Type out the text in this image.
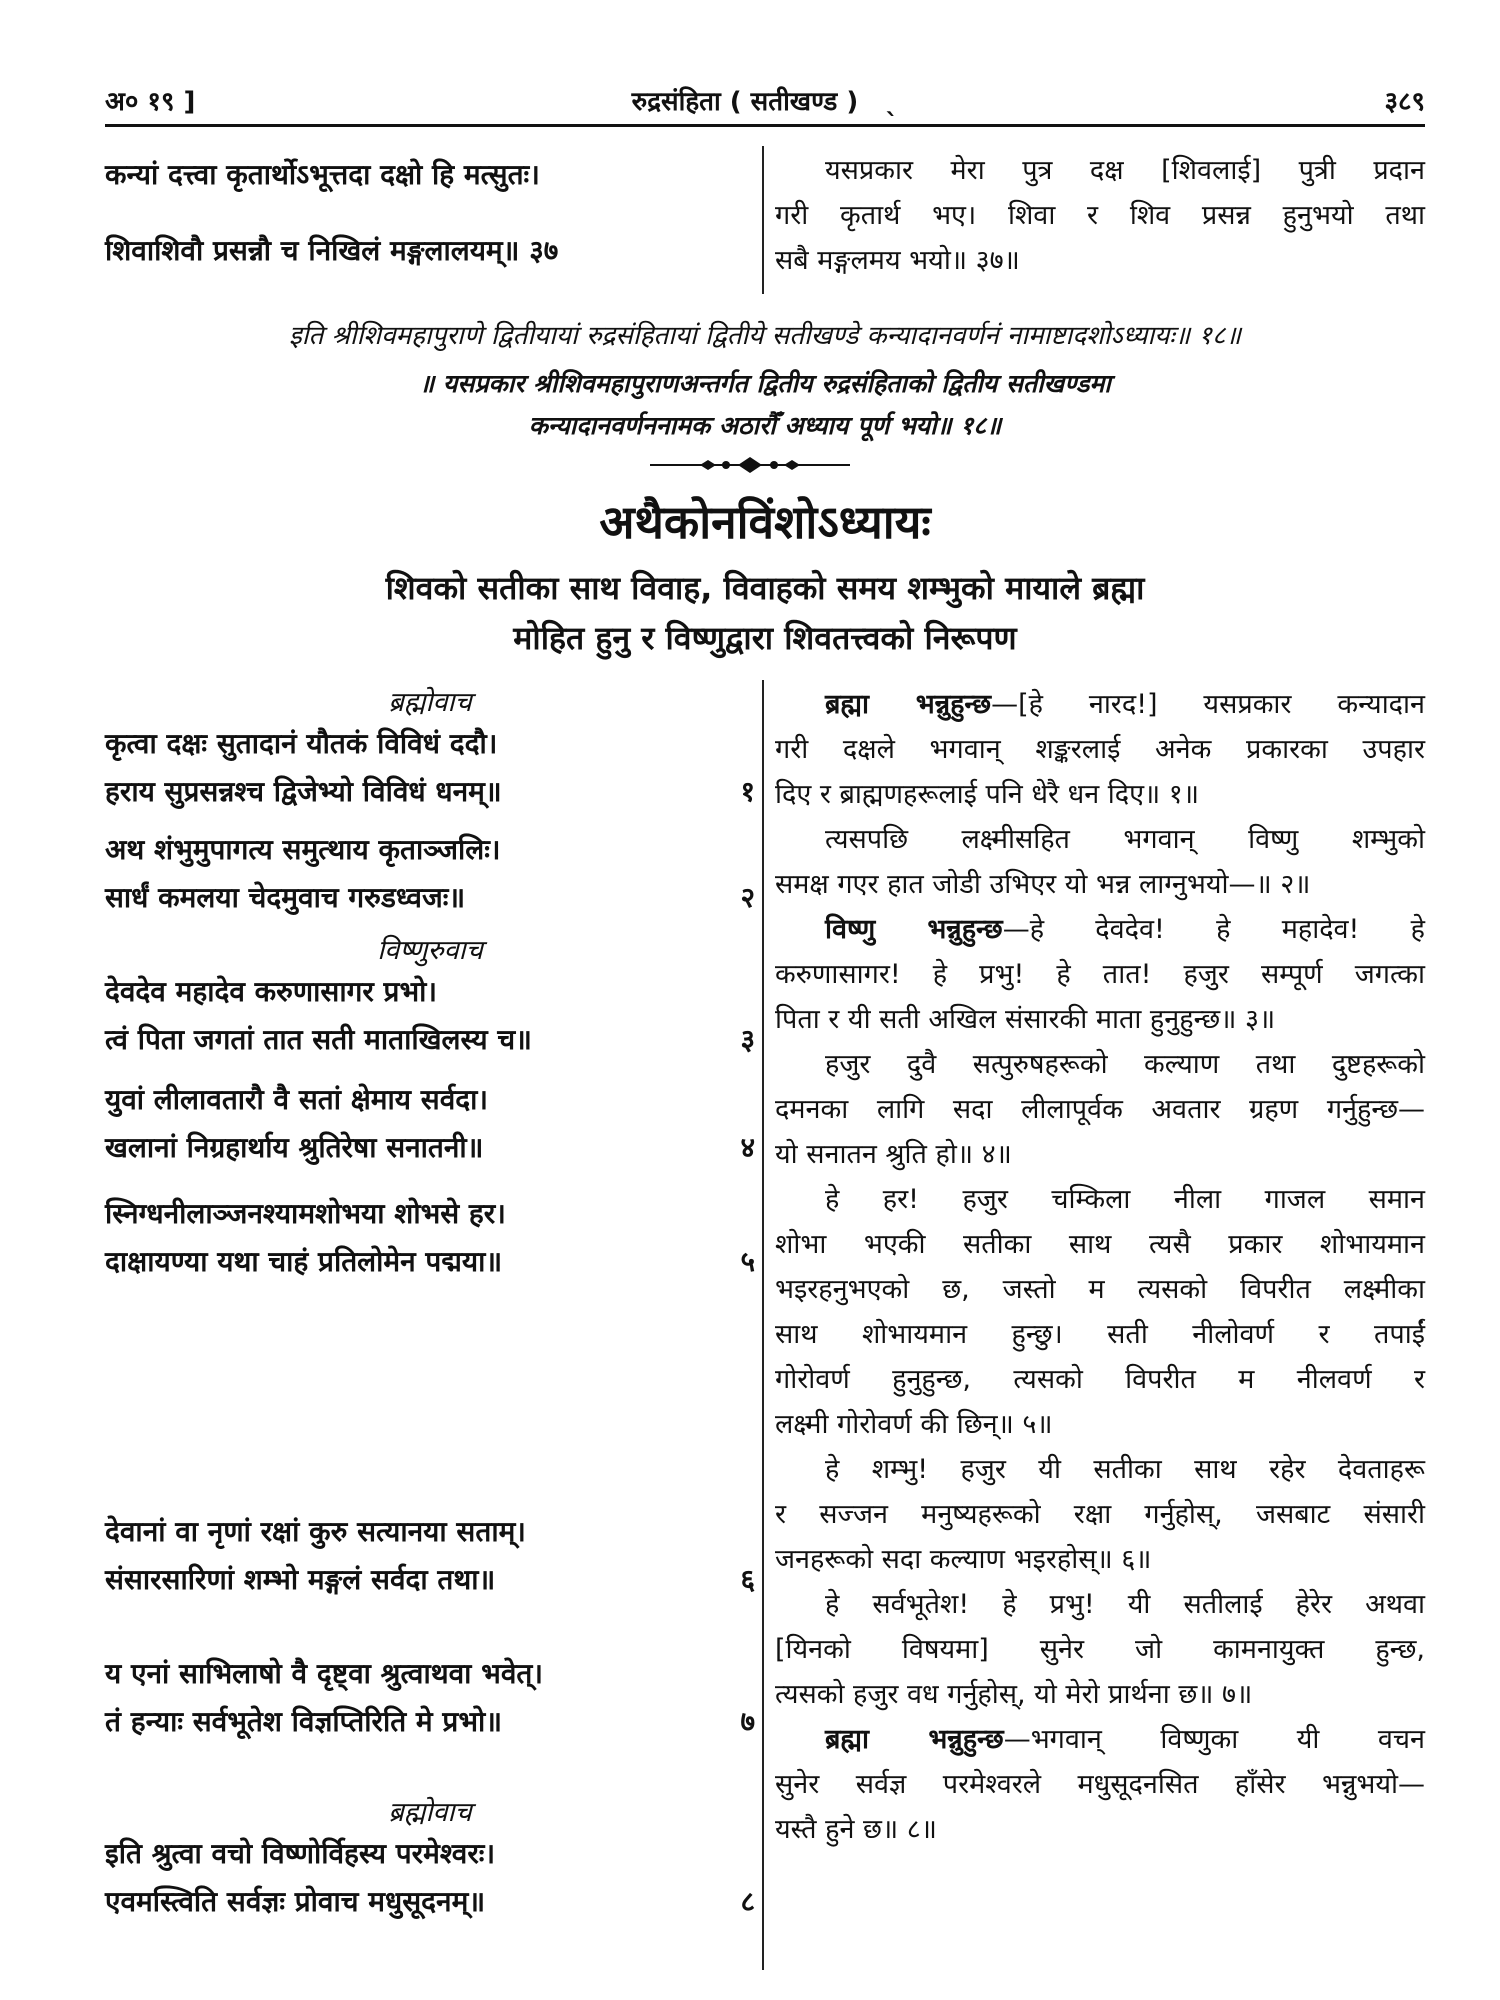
अ० १९ ]	रुद्रसंहिता ( सतीखण्ड ) ˎ	३८९
कन्यां दत्त्वा कृतार्थोऽभूत्तदा दक्षो हि मत्सुतः।
शिवाशिवौ प्रसन्नौ च निखिलं मङ्गलालयम्॥ ३७
यसप्रकार मेरा पुत्र दक्ष [शिवलाई] पुत्री प्रदान
गरी कृतार्थ भए। शिवा र शिव प्रसन्न हुनुभयो तथा
सबै मङ्गलमय भयो॥ ३७॥
इति श्रीशिवमहापुराणे द्वितीयायां रुद्रसंहितायां द्वितीये सतीखण्डे कन्यादानवर्णनं नामाष्टादशोऽध्यायः॥ १८॥
॥ यसप्रकार श्रीशिवमहापुराणअन्तर्गत द्वितीय रुद्रसंहिताको द्वितीय सतीखण्डमा
कन्यादानवर्णननामक अठारौँ अध्याय पूर्ण भयो॥ १८॥
अथैकोनविंशोऽध्यायः
शिवको सतीका साथ विवाह, विवाहको समय शम्भुको मायाले ब्रह्मा
मोहित हुनु र विष्णुद्वारा शिवतत्त्वको निरूपण
ब्रह्मोवाच
कृत्वा दक्षः सुतादानं यौतकं विविधं ददौ।
हराय सुप्रसन्नश्च द्विजेभ्यो विविधं धनम्॥	१
अथ शंभुमुपागत्य समुत्थाय कृताञ्जलिः।
सार्धं कमलया चेदमुवाच गरुडध्वजः॥	२
विष्णुरुवाच
देवदेव महादेव करुणासागर प्रभो।
त्वं पिता जगतां तात सती माताखिलस्य च॥	३
युवां लीलावतारौ वै सतां क्षेमाय सर्वदा।
खलानां निग्रहार्थाय श्रुतिरेषा सनातनी॥	४
स्निग्धनीलाञ्जनश्यामशोभया शोभसे हर।
दाक्षायण्या यथा चाहं प्रतिलोमेन पद्मया॥	५
देवानां वा नृणां रक्षां कुरु सत्यानया सताम्।
संसारसारिणां शम्भो मङ्गलं सर्वदा तथा॥	६
य एनां साभिलाषो वै दृष्ट्वा श्रुत्वाथवा भवेत्।
तं हन्याः सर्वभूतेश विज्ञप्तिरिति मे प्रभो॥	७
ब्रह्मोवाच
इति श्रुत्वा वचो विष्णोर्विहस्य परमेश्वरः।
एवमस्त्विति सर्वज्ञः प्रोवाच मधुसूदनम्॥	८
ब्रह्मा भन्नुहुन्छ—[हे नारद!] यसप्रकार कन्यादान
गरी दक्षले भगवान् शङ्करलाई अनेक प्रकारका उपहार
दिए र ब्राह्मणहरूलाई पनि धेरै धन दिए॥ १॥
त्यसपछि लक्ष्मीसहित भगवान् विष्णु शम्भुको
समक्ष गएर हात जोडी उभिएर यो भन्न लाग्नुभयो—॥ २॥
विष्णु भन्नुहुन्छ—हे देवदेव! हे महादेव! हे
करुणासागर! हे प्रभु! हे तात! हजुर सम्पूर्ण जगत्का
पिता र यी सती अखिल संसारकी माता हुनुहुन्छ॥ ३॥
हजुर दुवै सत्पुरुषहरूको कल्याण तथा दुष्टहरूको
दमनका लागि सदा लीलापूर्वक अवतार ग्रहण गर्नुहुन्छ—
यो सनातन श्रुति हो॥ ४॥
हे हर! हजुर चम्किला नीला गाजल समान
शोभा भएकी सतीका साथ त्यसै प्रकार शोभायमान
भइरहनुभएको छ, जस्तो म त्यसको विपरीत लक्ष्मीका
साथ शोभायमान हुन्छु। सती नीलोवर्ण र तपाईं
गोरोवर्ण हुनुहुन्छ, त्यसको विपरीत म नीलवर्ण र
लक्ष्मी गोरोवर्ण की छिन्॥ ५॥
हे शम्भु! हजुर यी सतीका साथ रहेर देवताहरू
र सज्जन मनुष्यहरूको रक्षा गर्नुहोस्, जसबाट संसारी
जनहरूको सदा कल्याण भइरहोस्॥ ६॥
हे सर्वभूतेश! हे प्रभु! यी सतीलाई हेरेर अथवा
[यिनको विषयमा] सुनेर जो कामनायुक्त हुन्छ,
त्यसको हजुर वध गर्नुहोस्, यो मेरो प्रार्थना छ॥ ७॥
ब्रह्मा भन्नुहुन्छ—भगवान् विष्णुका यी वचन
सुनेर सर्वज्ञ परमेश्वरले मधुसूदनसित हाँसेर भन्नुभयो—
यस्तै हुने छ॥ ८॥
